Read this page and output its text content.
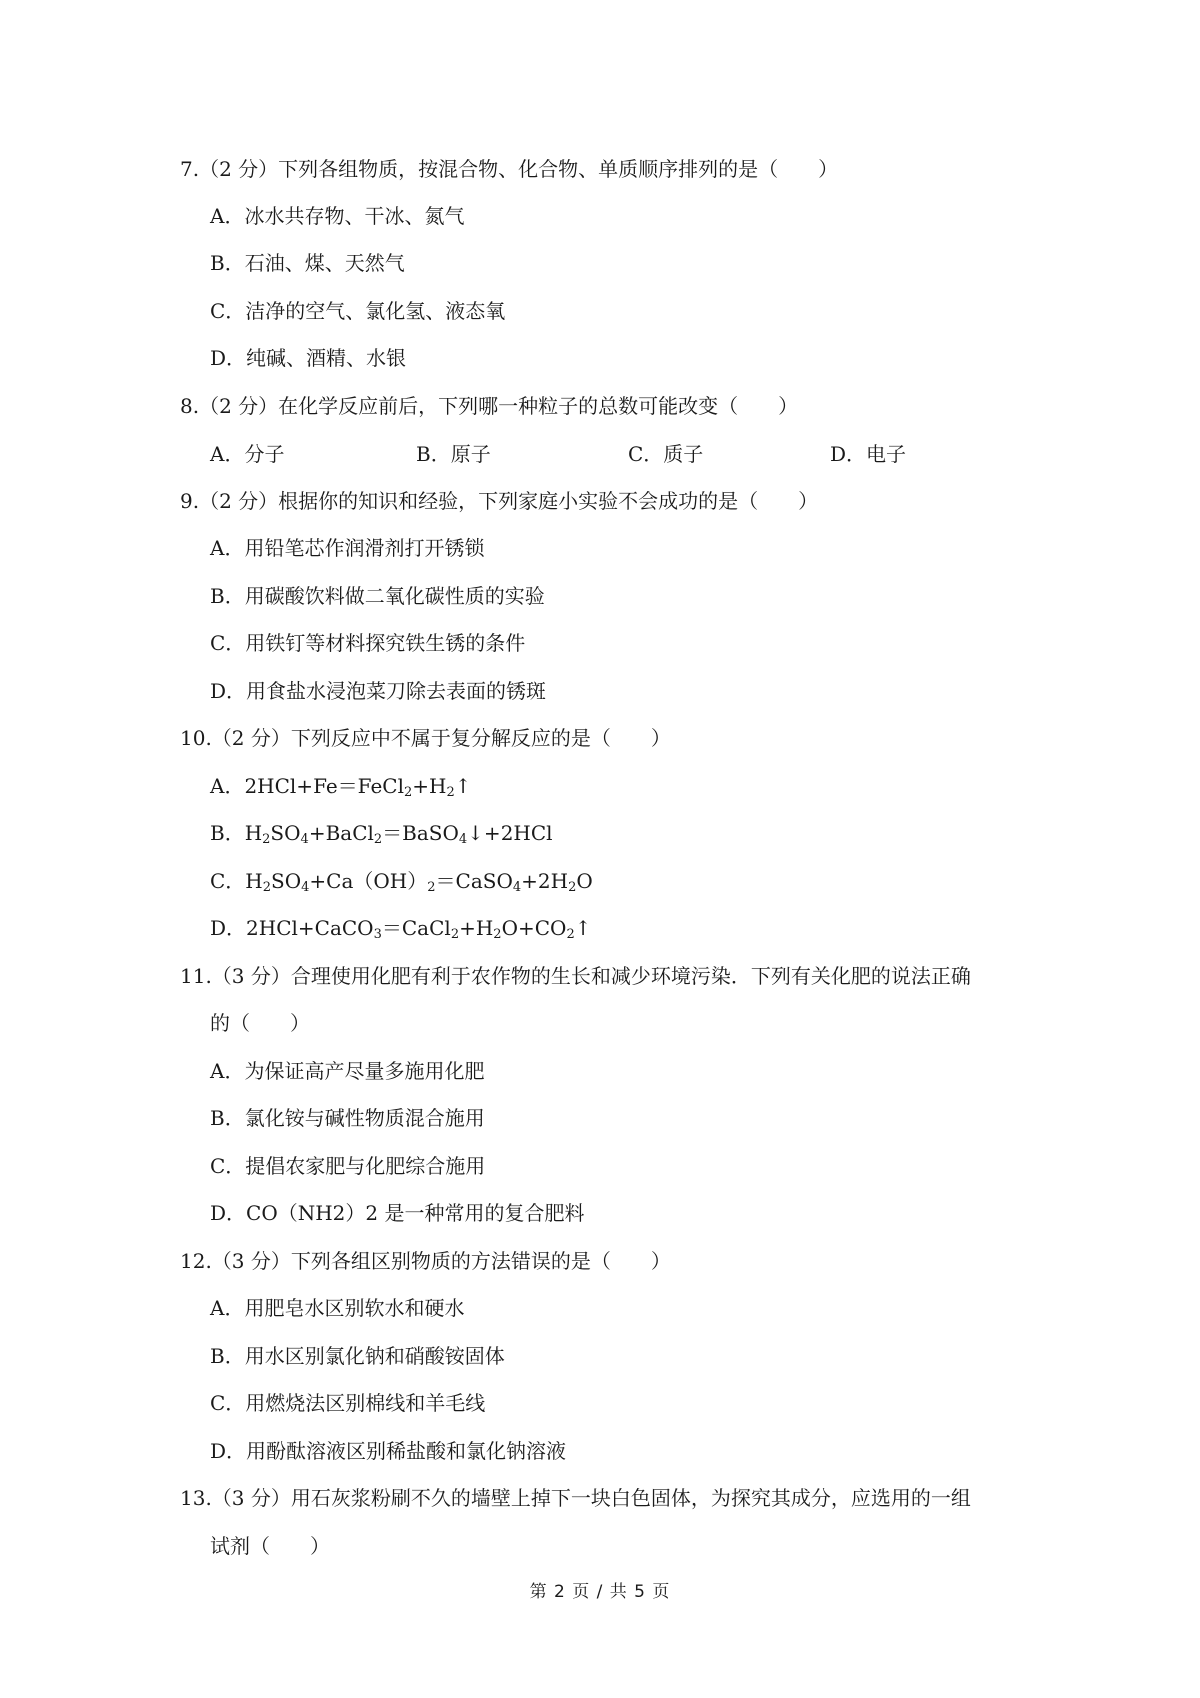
7.（2 分）下列各组物质，按混合物、化合物、单质顺序排列的是（　　）
A．冰水共存物、干冰、氮气
B．石油、煤、天然气
C．洁净的空气、氯化氢、液态氧
D．纯碱、酒精、水银
8.（2 分）在化学反应前后，下列哪一种粒子的总数可能改变（　　）
A．分子	B．原子	C．质子	D．电子
9.（2 分）根据你的知识和经验，下列家庭小实验不会成功的是（　　）
A．用铅笔芯作润滑剂打开锈锁
B．用碳酸饮料做二氧化碳性质的实验
C．用铁钉等材料探究铁生锈的条件
D．用食盐水浸泡菜刀除去表面的锈斑
10.（2 分）下列反应中不属于复分解反应的是（　　）
A．$2HCl+Fe=FeCl_2+H_2↑$
B．$H_2SO_4+BaCl_2=BaSO_4↓+2HCl$
C．$H_2SO_4+Ca(OH)_2=CaSO_4+2H_2O$
D．$2HCl+CaCO_3=CaCl_2+H_2O+CO_2↑$
11.（3 分）合理使用化肥有利于农作物的生长和减少环境污染．下列有关化肥的说法正确
的（　　）
A．为保证高产尽量多施用化肥
B．氯化铵与碱性物质混合施用
C．提倡农家肥与化肥综合施用
D．CO（NH2）2 是一种常用的复合肥料
12.（3 分）下列各组区别物质的方法错误的是（　　）
A．用肥皂水区别软水和硬水
B．用水区别氯化钠和硝酸铵固体
C．用燃烧法区别棉线和羊毛线
D．用酚酞溶液区别稀盐酸和氯化钠溶液
13.（3 分）用石灰浆粉刷不久的墙壁上掉下一块白色固体，为探究其成分，应选用的一组
试剂（　　）
第 2 页 / 共 5 页
